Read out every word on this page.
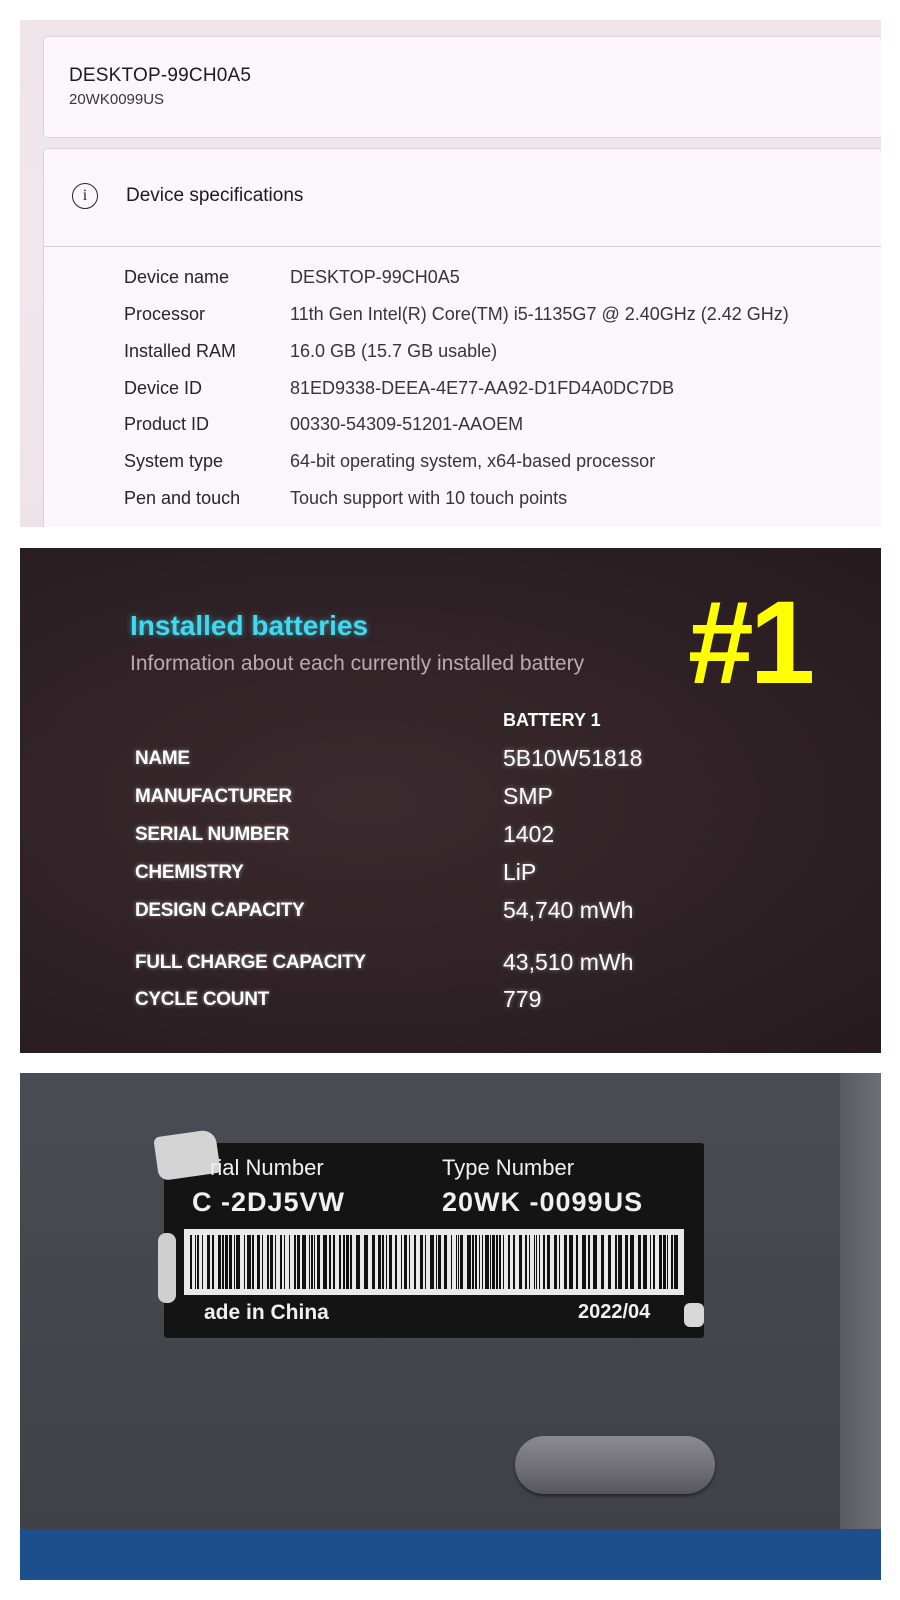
DESKTOP-99CH0A5
20WK0099US
i	Device specifications
Device name	DESKTOP-99CH0A5
Processor	11th Gen Intel(R) Core(TM) i5-1135G7 @ 2.40GHz (2.42 GHz)
Installed RAM	16.0 GB (15.7 GB usable)
Device ID	81ED9338-DEEA-4E77-AA92-D1FD4A0DC7DB
Product ID	00330-54309-51201-AAOEM
System type	64-bit operating system, x64-based processor
Pen and touch	Touch support with 10 touch points
Installed batteries
Information about each currently installed battery #1
BATTERY 1
NAME	5B10W51818
MANUFACTURER	SMP
SERIAL NUMBER	1402
CHEMISTRY	LiP
DESIGN CAPACITY	54,740 mWh
FULL CHARGE CAPACITY	43,510 mWh
CYCLE COUNT	779
rial Number	Type Number
C -2DJ5VW	20WK -0099US
ade in China	2022/04
